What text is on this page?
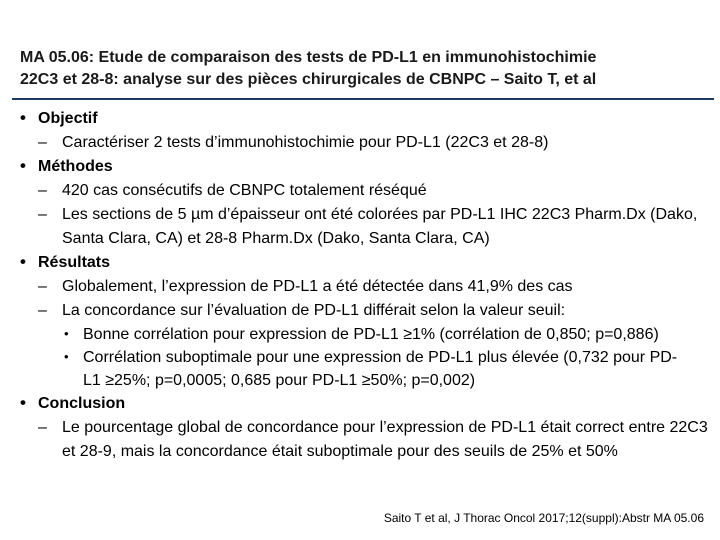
MA 05.06: Etude de comparaison des tests de PD-L1 en immunohistochimie
22C3 et 28-8: analyse sur des pièces chirurgicales de CBNPC – Saito T, et al
• Objectif
– Caractériser 2 tests d’immunohistochimie pour PD-L1 (22C3 et 28-8)
• Méthodes
– 420 cas consécutifs de CBNPC totalement réséqué
– Les sections de 5 µm d’épaisseur ont été colorées par PD-L1 IHC 22C3 Pharm.Dx (Dako, Santa Clara, CA) et 28-8 Pharm.Dx (Dako, Santa Clara, CA)
• Résultats
– Globalement, l’expression de PD-L1 a été détectée dans 41,9% des cas
– La concordance sur l’évaluation de PD-L1 différait selon la valeur seuil:
• Bonne corrélation pour expression de PD-L1 ≥1% (corrélation de 0,850; p=0,886)
• Corrélation suboptimale pour une expression de PD-L1 plus élevée (0,732 pour PD-L1 ≥25%; p=0,0005; 0,685 pour PD-L1 ≥50%; p=0,002)
• Conclusion
– Le pourcentage global de concordance pour l’expression de PD-L1 était correct entre 22C3 et 28-9, mais la concordance était suboptimale pour des seuils de 25% et 50%
Saito T et al, J Thorac Oncol 2017;12(suppl):Abstr MA 05.06
